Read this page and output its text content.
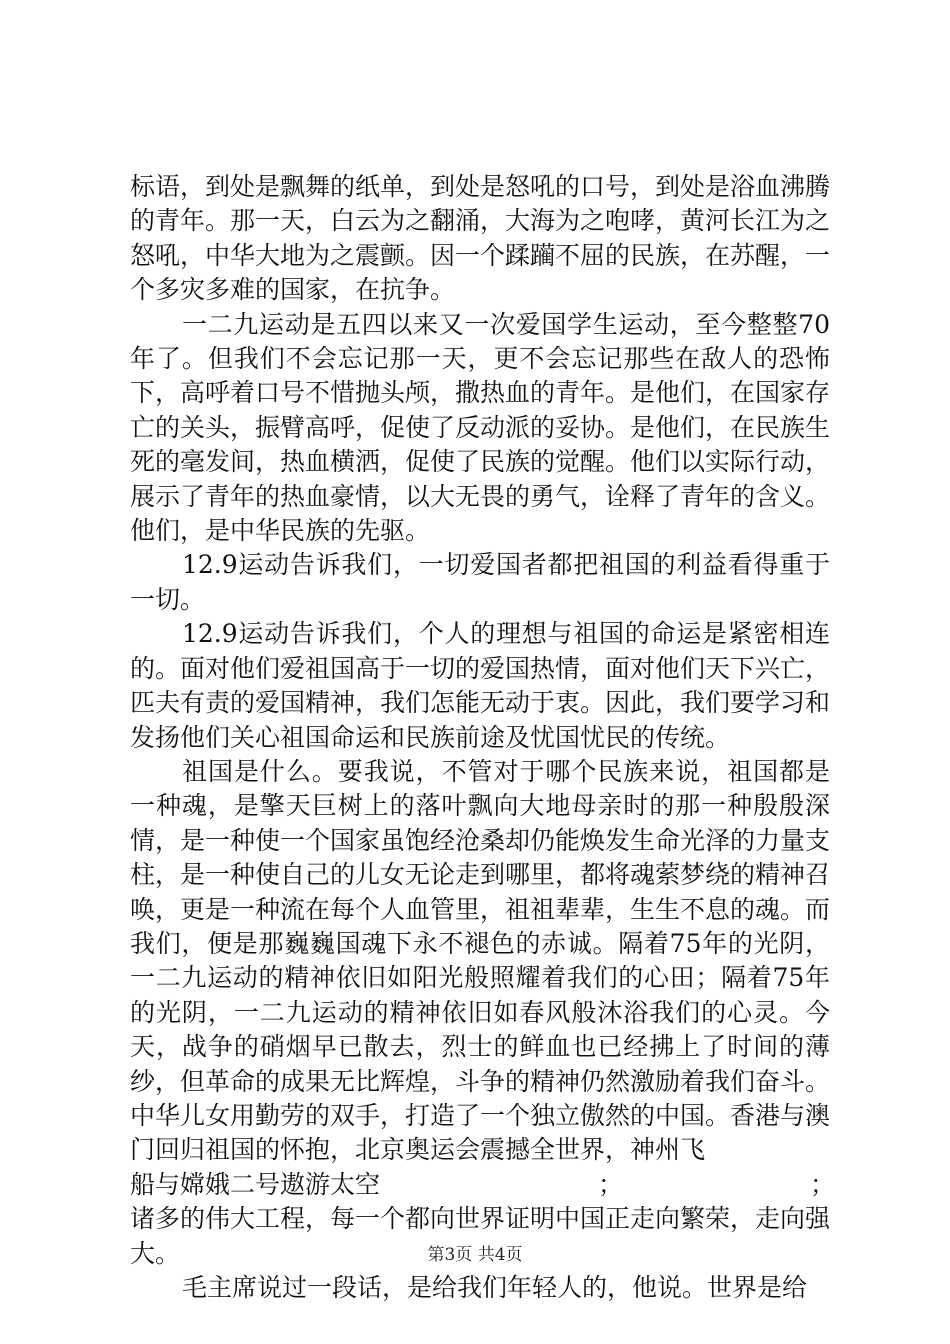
标语，到处是飘舞的纸单，到处是怒吼的口号，到处是浴血沸腾的青年。那一天，白云为之翻涌，大海为之咆哮，黄河长江为之怒吼，中华大地为之震颤。因一个蹂躏不屈的民族，在苏醒，一个多灾多难的国家，在抗争。

一二九运动是五四以来又一次爱国学生运动，至今整整70年了。但我们不会忘记那一天，更不会忘记那些在敌人的恐怖下，高呼着口号不惜抛头颅，撒热血的青年。是他们，在国家存亡的关头，振臂高呼，促使了反动派的妥协。是他们，在民族生死的毫发间，热血横洒，促使了民族的觉醒。他们以实际行动，展示了青年的热血豪情，以大无畏的勇气，诠释了青年的含义。他们，是中华民族的先驱。

12.9运动告诉我们，一切爱国者都把祖国的利益看得重于一切。

12.9运动告诉我们，个人的理想与祖国的命运是紧密相连的。面对他们爱祖国高于一切的爱国热情，面对他们天下兴亡，匹夫有责的爱国精神，我们怎能无动于衷。因此，我们要学习和发扬他们关心祖国命运和民族前途及忧国忧民的传统。

祖国是什么。要我说，不管对于哪个民族来说，祖国都是一种魂，是擎天巨树上的落叶飘向大地母亲时的那一种殷殷深情，是一种使一个国家虽饱经沧桑却仍能焕发生命光泽的力量支柱，是一种使自己的儿女无论走到哪里，都将魂萦梦绕的精神召唤，更是一种流在每个人血管里，祖祖辈辈，生生不息的魂。而我们，便是那巍巍国魂下永不褪色的赤诚。隔着75年的光阴，一二九运动的精神依旧如阳光般照耀着我们的心田；隔着75年的光阴，一二九运动的精神依旧如春风般沐浴我们的心灵。今天，战争的硝烟早已散去，烈士的鲜血也已经拂上了时间的薄纱，但革命的成果无比辉煌，斗争的精神仍然激励着我们奋斗。中华儿女用勤劳的双手，打造了一个独立傲然的中国。香港与澳门回归祖国的怀抱，北京奥运会震撼全世界，神州飞

船与嫦娥二号遨游太空	；	；

诸多的伟大工程，每一个都向世界证明中国正走向繁荣，走向强大。

毛主席说过一段话，是给我们年轻人的，他说。世界是给

第3页 共4页
